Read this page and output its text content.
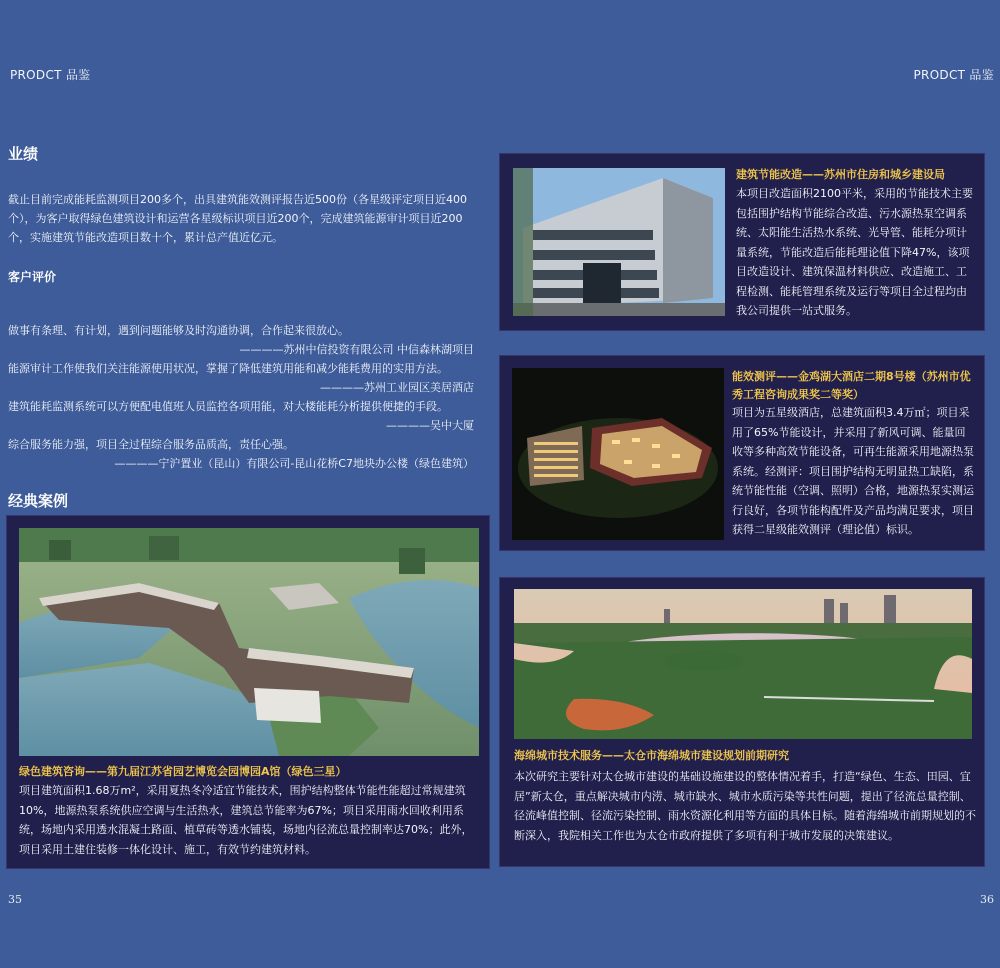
PRODCT 品鉴	PRODCT 品鉴
业绩
截止目前完成能耗监测项目200多个，出具建筑能效测评报告近500份（各星级评定项目近400个），为客户取得绿色建筑设计和运营各星级标识项目近200个，完成建筑能源审计项目近200个，实施建筑节能改造项目数十个，累计总产值近亿元。
客户评价
做事有条理、有计划，遇到问题能够及时沟通协调，合作起来很放心。
————苏州中信投资有限公司 中信森林湖项目
能源审计工作使我们关注能源使用状况，掌握了降低建筑用能和减少能耗费用的实用方法。
————苏州工业园区美居酒店
建筑能耗监测系统可以方便配电值班人员监控各项用能，对大楼能耗分析提供便捷的手段。
————吴中大厦
综合服务能力强，项目全过程综合服务品质高，责任心强。
————宁沪置业（昆山）有限公司-昆山花桥C7地块办公楼（绿色建筑）
经典案例
绿色建筑咨询——第九届江苏省园艺博览会园博园A馆（绿色三星）
项目建筑面积1.68万m²，采用夏热冬冷适宜节能技术，围护结构整体节能性能超过常规建筑10%，地源热泵系统供应空调与生活热水，建筑总节能率为67%；项目采用雨水回收利用系统，场地内采用透水混凝土路面、植草砖等透水铺装，场地内径流总量控制率达70%；此外，项目采用土建住装修一体化设计、施工，有效节约建筑材料。
建筑节能改造——苏州市住房和城乡建设局
本项目改造面积2100平米，采用的节能技术主要包括围护结构节能综合改造、污水源热泵空调系统、太阳能生活热水系统、光导管、能耗分项计量系统，节能改造后能耗理论值下降47%，该项目改造设计、建筑保温材料供应、改造施工、工程检测、能耗管理系统及运行等项目全过程均由我公司提供一站式服务。
能效测评——金鸡湖大酒店二期8号楼（苏州市优秀工程咨询成果奖二等奖）
项目为五星级酒店，总建筑面积3.4万㎡；项目采用了65%节能设计，并采用了新风可调、能量回收等多种高效节能设备，可再生能源采用地源热泵系统。经测评：项目围护结构无明显热工缺陷，系统节能性能（空调、照明）合格，地源热泵实测运行良好，各项节能构配件及产品均满足要求，项目获得二星级能效测评（理论值）标识。
海绵城市技术服务——太仓市海绵城市建设规划前期研究
本次研究主要针对太仓城市建设的基础设施建设的整体情况着手，打造“绿色、生态、田园、宜居”新太仓，重点解决城市内涝、城市缺水、城市水质污染等共性问题，提出了径流总量控制、径流峰值控制、径流污染控制、雨水资源化利用等方面的具体目标。随着海绵城市前期规划的不断深入，我院相关工作也为太仓市政府提供了多项有利于城市发展的决策建议。
35	36
